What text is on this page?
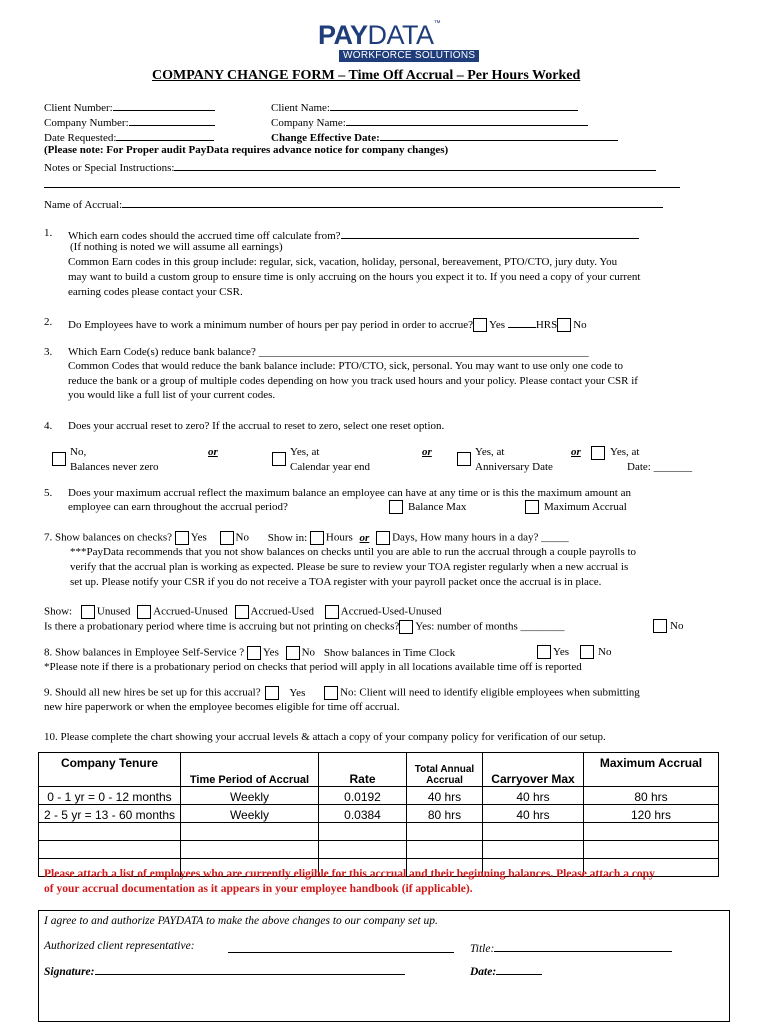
PAYDATA™
WORKFORCE SOLUTIONS
COMPANY CHANGE FORM – Time Off Accrual – Per Hours Worked
Client Number:
Company Number:
Date Requested:
Client Name:
Company Name:
Change Effective Date:
(Please note: For Proper audit PayData requires advance notice for company changes)
Notes or Special Instructions:
Name of Accrual:
1. Which earn codes should the accrued time off calculate from?
(If nothing is noted we will assume all earnings)
Common Earn codes in this group include: regular, sick, vacation, holiday, personal, bereavement, PTO/CTO, jury duty. You
may want to build a custom group to ensure time is only accruing on the hours you expect it to. If you need a copy of your current
earning codes please contact your CSR.
2. Do Employees have to work a minimum number of hours per pay period in order to accrue? Yes	HRS No
3. Which Earn Code(s) reduce bank balance? ____________________________________________________________
Common Codes that would reduce the bank balance include: PTO/CTO, sick, personal. You may want to use only one code to
reduce the bank or a group of multiple codes depending on how you track used hours and your policy. Please contact your CSR if
you would like a full list of your current codes.
4. Does your accrual reset to zero? If the accrual to reset to zero, select one reset option.
No,
Balances never zero
or	Yes, at
Calendar year end
or	Yes, at
Anniversary Date
or	Yes, at
Date: _______
5. Does your maximum accrual reflect the maximum balance an employee can have at any time or is this the maximum amount an
employee can earn throughout the accrual period?	Balance Max	Maximum Accrual
7. Show balances on checks? Yes	No Show in: Hours or Days, How many hours in a day? _____
***PayData recommends that you not show balances on checks until you are able to run the accrual through a couple payrolls to
verify that the accrual plan is working as expected. Please be sure to review your TOA register regularly when a new accrual is
set up. Please notify your CSR if you do not receive a TOA register with your payroll packet once the accrual is in place.
Show: Unused Accrued-Unused Accrued-Used Accrued-Used-Unused
Is there a probationary period where time is accruing but not printing on checks? Yes: number of months ________	No
8. Show balances in Employee Self-Service ? Yes No Show balances in Time Clock	Yes	No
*Please note if there is a probationary period on checks that period will apply in all locations available time off is reported
9. Should all new hires be set up for this accrual?	Yes	No: Client will need to identify eligible employees when submitting
new hire paperwork or when the employee becomes eligible for time off accrual.
10. Please complete the chart showing your accrual levels & attach a copy of your company policy for verification of our setup.
Company Tenure	Time Period of Accrual	Rate	Total Annual Accrual	Carryover Max	Maximum Accrual
0 - 1 yr = 0 - 12 months	Weekly	0.0192	40 hrs	40 hrs	80 hrs
2 - 5 yr = 13 - 60 months	Weekly	0.0384	80 hrs	40 hrs	120 hrs

Please attach a list of employees who are currently eligible for this accrual and their beginning balances. Please attach a copy
of your accrual documentation as it appears in your employee handbook (if applicable).
I agree to and authorize PAYDATA to make the above changes to our company set up.
Authorized client representative:	Title:
Signature:	Date:
